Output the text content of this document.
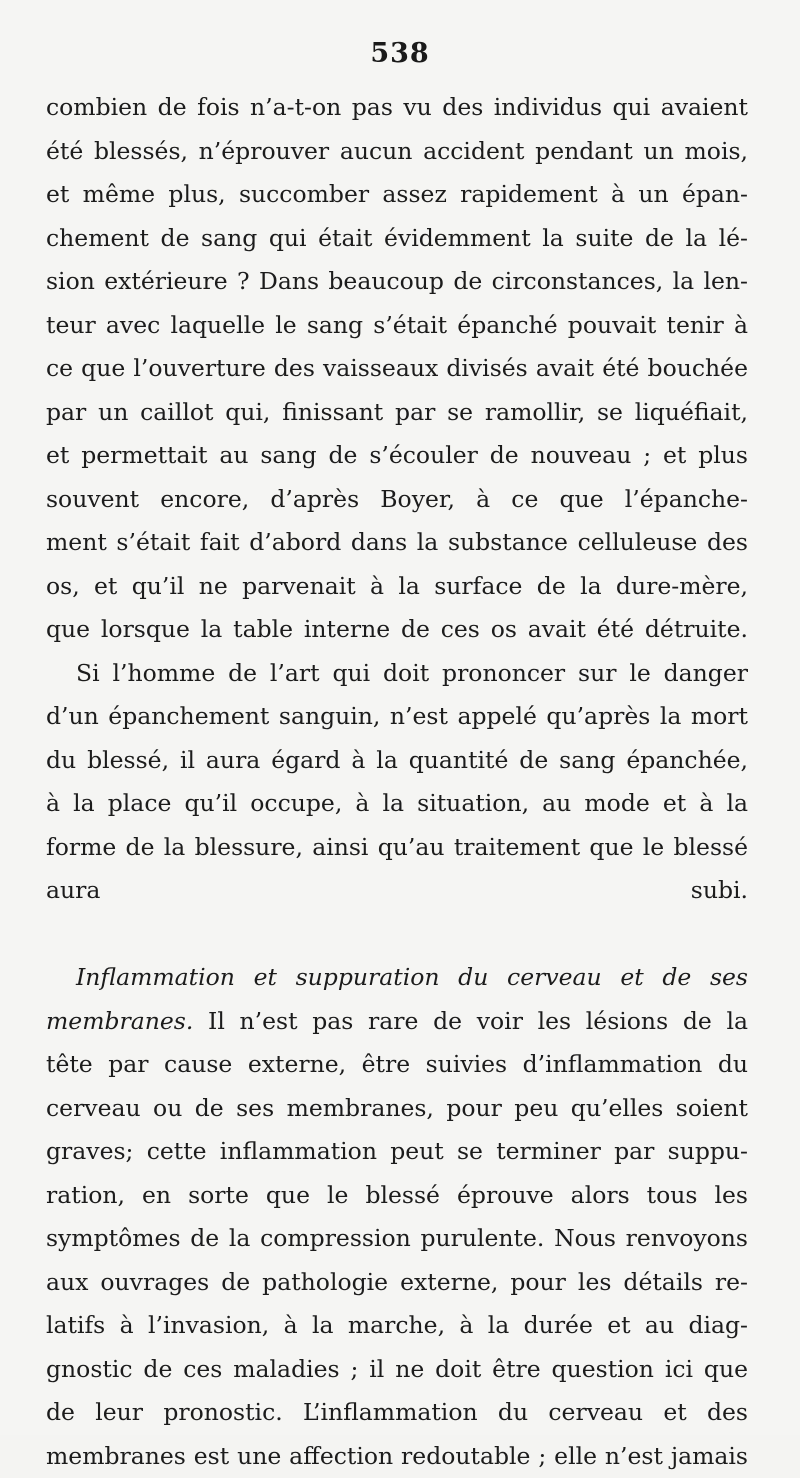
538
combien de fois n’a-t-on pas vu des individus qui avaient
été blessés, n’éprouver aucun accident pendant un mois,
et même plus, succomber assez rapidement à un épan-
chement de sang qui était évidemment la suite de la lé-
sion extérieure ? Dans beaucoup de circonstances, la len-
teur avec laquelle le sang s’était épanché pouvait tenir à
ce que l’ouverture des vaisseaux divisés avait été bouchée
par un caillot qui, finissant par se ramollir, se liquéfiait,
et permettait au sang de s’écouler de nouveau ; et plus
souvent encore, d’après Boyer, à ce que l’épanche-
ment s’était fait d’abord dans la substance celluleuse des
os, et qu’il ne parvenait à la surface de la dure-mère,
que lorsque la table interne de ces os avait été détruite.
Si l’homme de l’art qui doit prononcer sur le danger
d’un épanchement sanguin, n’est appelé qu’après la mort
du blessé, il aura égard à la quantité de sang épanchée,
à la place qu’il occupe, à la situation, au mode et à la
forme de la blessure, ainsi qu’au traitement que le blessé
aura subi.
Inflammation et suppuration du cerveau et de ses
membranes. Il n’est pas rare de voir les lésions de la
tête par cause externe, être suivies d’inflammation du
cerveau ou de ses membranes, pour peu qu’elles soient
graves; cette inflammation peut se terminer par suppu-
ration, en sorte que le blessé éprouve alors tous les
symptômes de la compression purulente. Nous renvoyons
aux ouvrages de pathologie externe, pour les détails re-
latifs à l’invasion, à la marche, à la durée et au diag-
gnostic de ces maladies ; il ne doit être question ici que
de leur pronostic. L’inflammation du cerveau et des
membranes est une affection redoutable ; elle n’est jamais
